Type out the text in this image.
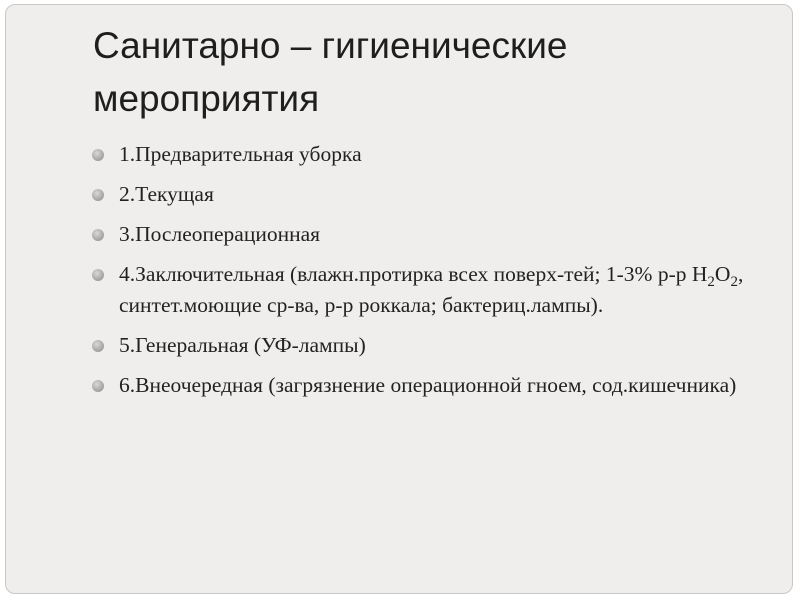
Санитарно – гигиенические
мероприятия
1.Предварительная уборка
2.Текущая
3.Послеоперационная
4.Заключительная (влажн.протирка всех поверх-тей; 1-3% р-р $H_2O_2$, синтет.моющие ср-ва, р-р роккала; бактериц.лампы).
5.Генеральная (УФ-лампы)
6.Внеочередная (загрязнение операционной гноем, сод.кишечника)
